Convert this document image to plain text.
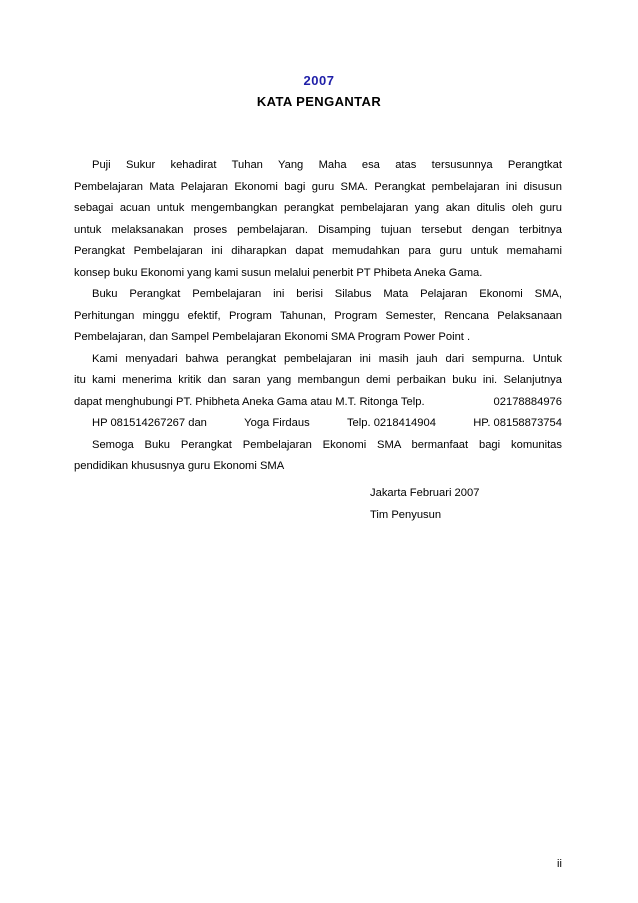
2007
KATA PENGANTAR
Puji Sukur kehadirat Tuhan Yang Maha esa atas tersusunnya Perangtkat
Pembelajaran Mata Pelajaran Ekonomi bagi guru SMA. Perangkat pembelajaran ini disusun
sebagai acuan untuk mengembangkan perangkat pembelajaran yang akan ditulis oleh guru
untuk melaksanakan proses pembelajaran. Disamping tujuan tersebut dengan terbitnya
Perangkat Pembelajaran ini diharapkan dapat memudahkan para guru untuk memahami
konsep buku Ekonomi yang kami susun melalui penerbit PT Phibeta Aneka Gama.
Buku Perangkat Pembelajaran ini berisi Silabus Mata Pelajaran Ekonomi SMA,
Perhitungan minggu efektif, Program Tahunan, Program Semester, Rencana Pelaksanaan
Pembelajaran, dan Sampel Pembelajaran Ekonomi SMA Program Power Point .
Kami menyadari bahwa perangkat pembelajaran ini masih jauh dari sempurna. Untuk
itu kami menerima kritik dan saran yang membangun demi perbaikan buku ini. Selanjutnya
dapat menghubungi PT. Phibheta Aneka Gama atau M.T. Ritonga Telp.	02178884976
HP 081514267267 dan	Yoga Firdaus	Telp. 0218414904	HP. 08158873754
Semoga Buku Perangkat Pembelajaran Ekonomi SMA bermanfaat bagi komunitas
pendidikan khususnya guru Ekonomi SMA
Jakarta Februari 2007
Tim Penyusun
ii
